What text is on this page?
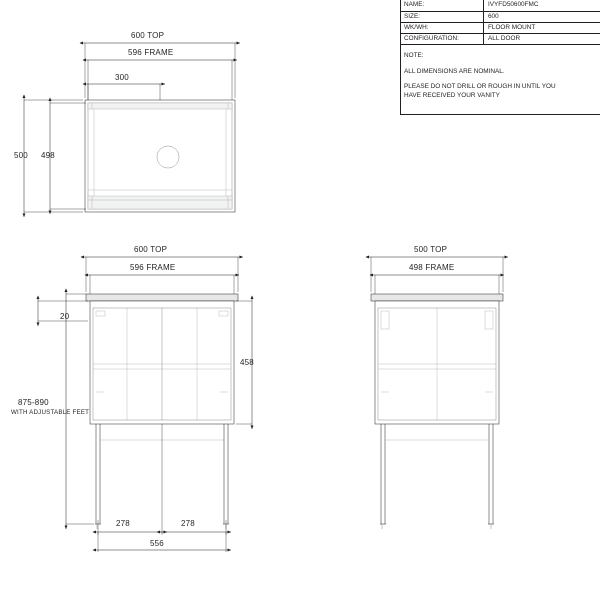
NAME:	IVYFD50600FMC
SIZE:	600
WK/WH:	FLOOR MOUNT
CONFIGURATION:	ALL DOOR
NOTE:
ALL DIMENSIONS ARE NOMINAL.
PLEASE DO NOT DRILL OR ROUGH IN UNTIL YOU
HAVE RECEIVED YOUR VANITY
600 TOP
596 FRAME
300
500 498
600 TOP
596 FRAME
20
458
875-890
WITH ADJUSTABLE FEET
278	278
556
500 TOP
498 FRAME
